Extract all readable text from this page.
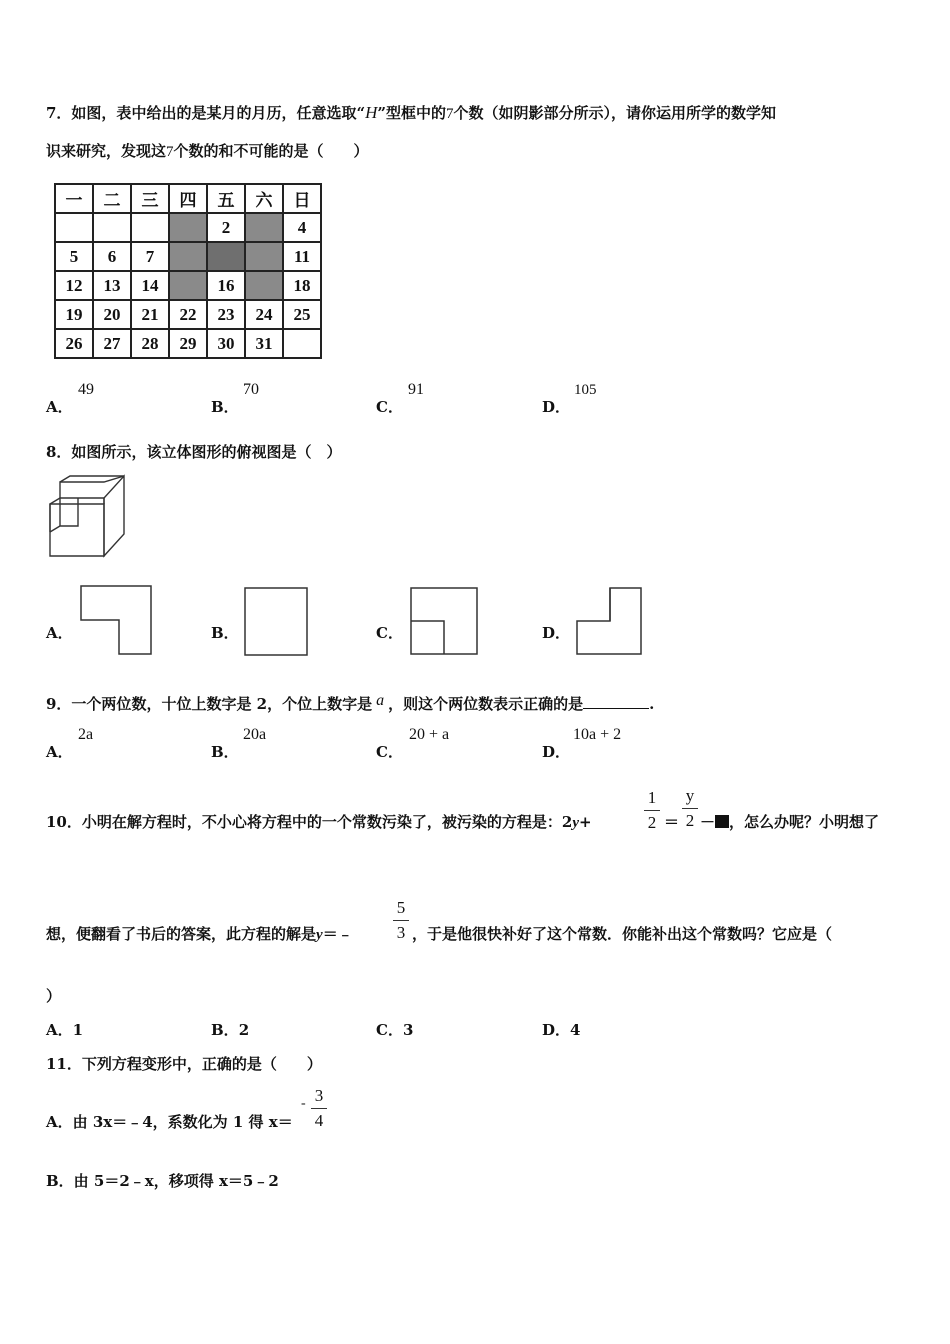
7．如图，表中给出的是某月的月历，任意选取“H”型框中的7个数（如阴影部分所示），请你运用所学的数学知
识来研究，发现这7个数的和不可能的是（　　）
一	二	三	四	五	六	日
				2		4
5	6	7				11
12	13	14		16		18
19	20	21	22	23	24	25
26	27	28	29	30	31	
A．
49
B．
70
C．
91
D．
105
8．如图所示，该立体图形的俯视图是（　）
A．	B．	C．	D．
9．一个两位数，十位上数字是 2，个位上数字是 a ，则这个两位数表示正确的是	.
A．
2a
B．
20a
C．
20 + a
D．
10a + 2
10．小明在解方程时，不小心将方程中的一个常数污染了，被污染的方程是：2y+
1
2 ＝
y
2 － ，怎么办呢？小明想了
想，便翻看了书后的答案，此方程的解是y＝﹣
5
3 ，于是他很快补好了这个常数．你能补出这个常数吗？它应是（
）
A．1	B．2	C．3	D．4
11．下列方程变形中，正确的是（　　）
A．由 3x＝﹣4，系数化为 1 得 x＝
- 3
4
B．由 5＝2﹣x，移项得 x＝5﹣2
